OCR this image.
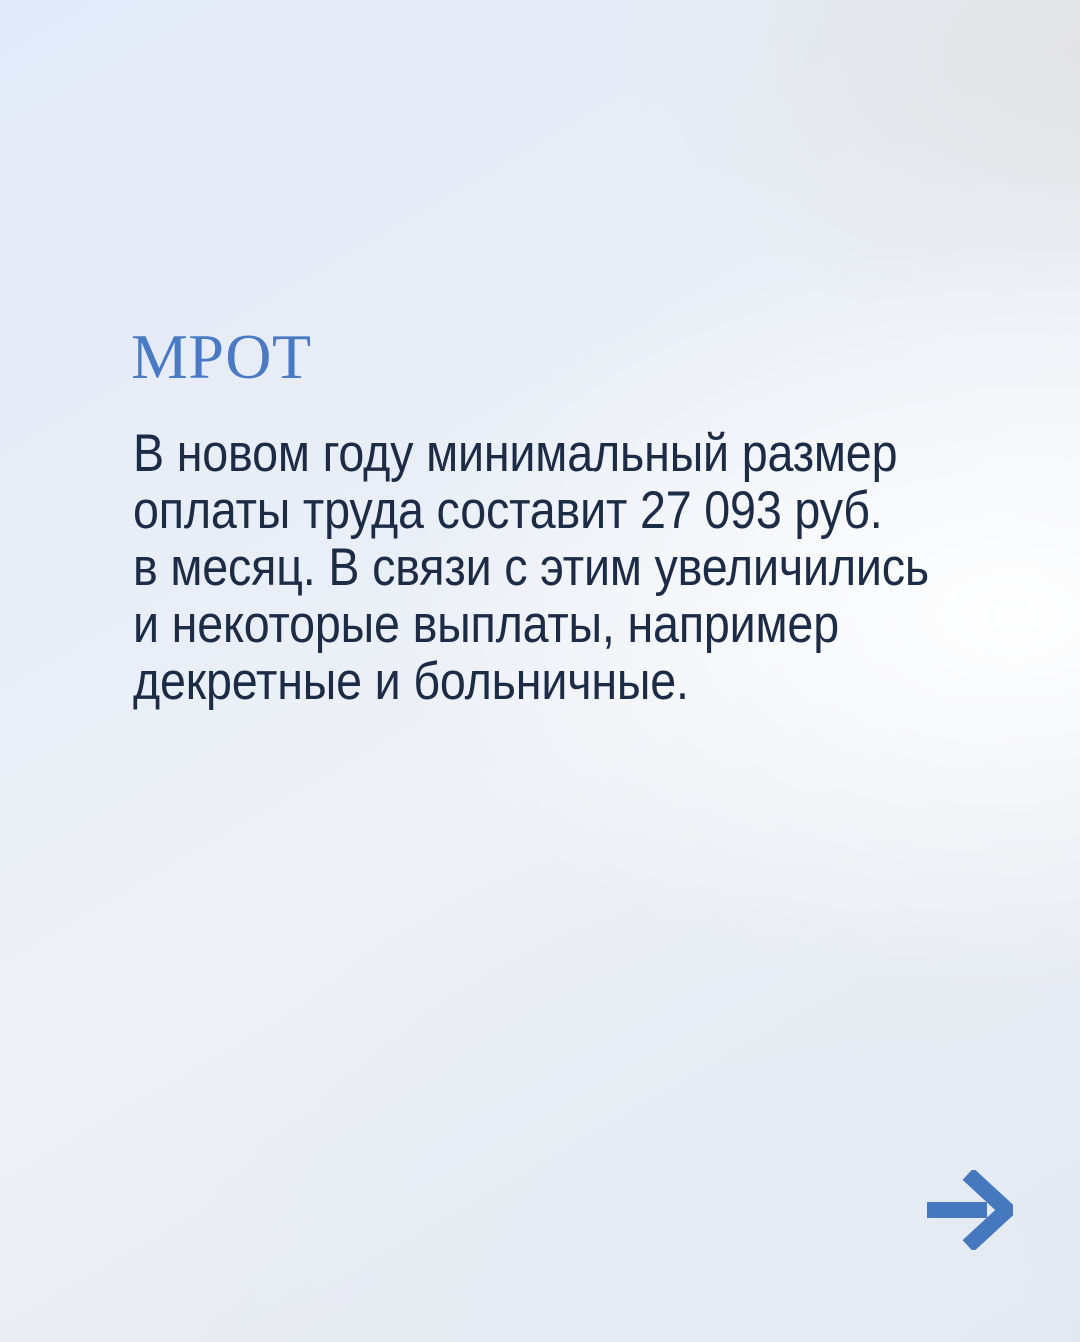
МРОТ
В новом году минимальный размер
оплаты труда составит 27 093 руб.
в месяц. В связи с этим увеличились
и некоторые выплаты, например
декретные и больничные.
